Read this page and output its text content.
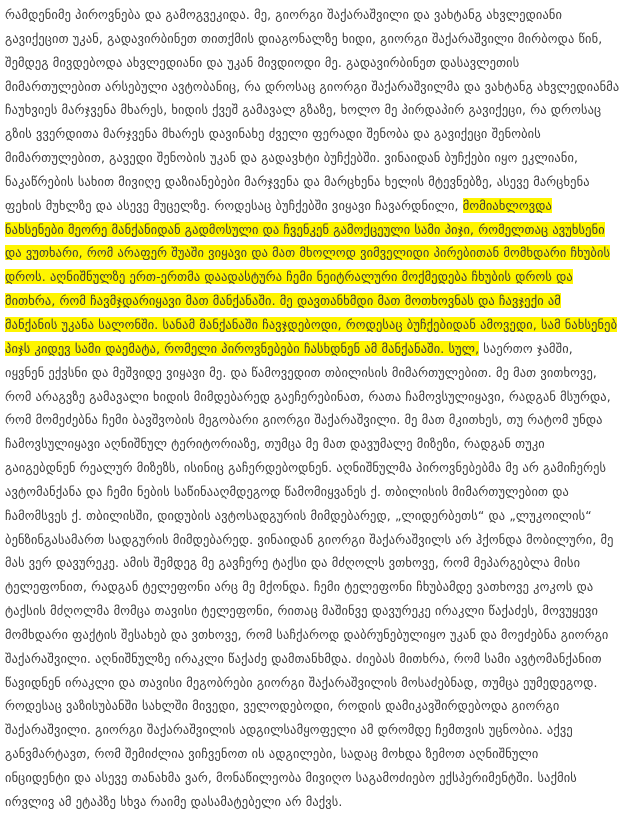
რამდენიმე პიროვნება და გამოგვეკიდა. მე, გიორგი შაქარაშვილი და ვახტანგ ახვლედიანი
გავიქეცით უკან, გადავირბინეთ თითქმის დიაგონალზე ხიდი, გიორგი შაქარაშვილი მირბოდა წინ,
შემდეგ მივდებოდა ახვლედიანი და უკან მივდიოდი მე. გადავირბინეთ დასავლეთის
მიმართულებით არსებული ავტობანიც, რა დროსაც გიორგი შაქარაშვილმა და ვახტანგ ახვლედიანმა
ჩაუხვიეს მარჯვენა მხარეს, ხიდის ქვეშ გამავალ გზაზე, ხოლო მე პირდაპირ გავიქეცი, რა დროსაც
გზის ვვერდითა მარჯვენა მხარეს დავინახე ძველი ფერადი შენობა და გავიქეცი შენობის
მიმართულებით, გავედი შენობის უკან და გადავხტი ბუჩქებში. ვინაიდან ბუჩქები იყო ეკლიანი,
ნაკაწრების სახით მივიღე დაზიანებები მარჯვენა და მარცხენა ხელის მტევნებზე, ასევე მარცხენა
ფეხის მუხლზე და ასევე მუცელზე. როდესაც ბუჩქებში ვიყავი ჩავარდნილი, მომიახლოვდა
ნახსენები მეორე მანქანიდან გადმოსული და ჩვენკენ გამოქცეული სამი პიჯი, რომელთაც ავუხსენი
და ვუთხარი, რომ არაფერ შუაში ვიყავი და მათ მხოლოდ ვიმველიდი პირებითან მომხდარი ჩხუბის
დროს. აღნიშნულზე ერთ-ერთმა დაადასტურა ჩემი ნეიტრალური მოქმედება ჩხუბის დროს და
მითხრა, რომ ჩავმჯდარიყავი მათ მანქანაში. მე დავთანხმდი მათ მოთხოვნას და ჩავჯექი ამ
მანქანის უკანა სალონში. სანამ მანქანაში ჩავჯდებოდი, როდესაც ბუჩქებიდან ამოვედი, სამ ნახსენებ
პიჯს კიდევ სამი დაემატა, რომელი პიროვნებები ჩასხდნენ ამ მანქანაში. სულ, საერთო ჯამში,
იყვნენ ექვსნი და მეშვიდე ვიყავი მე. და წამოვედით თბილისის მიმართულებით. მე მათ ვითხოვე,
რომ არაგვზე გამავალი ხიდის მიმდებარედ გაეჩერებინათ, რათა ჩამოვსულიყავი, რადგან მსურდა,
რომ მომეძებნა ჩემი ბავშვობის მეგობარი გიორგი შაქარაშვილი. მე მათ მკითხეს, თუ რატომ უნდა
ჩამოვსულიყავი აღნიშნულ ტერიტორიაზე, თუმცა მე მათ დავუმალე მიზეზი, რადგან თუკი
გაიგებდნენ რეალურ მიზეზს, ისინიც გაჩერდებოდნენ. აღნიშნულმა პიროვნებებმა მე არ გამიჩერეს
ავტომანქანა და ჩემი ნების საწინააღმდეგოდ წამომიყვანეს ქ. თბილისის მიმართულებით და
ჩამომსვეს ქ. თბილისში, დიდუბის ავტოსადგურის მიმდებარედ, „ლიდერბეთს“ და „ლუკოილის“
ბენზინგასამართ სადგურის მიმდებარედ. ვინაიდან გიორგი შაქარაშვილს არ ჰქონდა მობილური, მე
მას ვერ დავურეკე. ამის შემდეგ მე გავჩერე ტაქსი და მძღოლს ვთხოვე, რომ მეპარგებლა მისი
ტელეფონით, რადგან ტელეფონი არც მე მქონდა. ჩემი ტელეფონი ჩხუბამდე ვათხოვე კოკოს და
ტაქსის მძღოლმა მომცა თავისი ტელეფონი, რითაც მაშინვე დავურეკე ირაკლი წაქაძეს, მოვუყევი
მომხდარი ფაქტის შესახებ და ვთხოვე, რომ საჩქაროდ დაბრუნებულიყო უკან და მოეძებნა გიორგი
შაქარაშვილი. აღნიშნულზე ირაკლი წაქაძე დამთანხმდა. ძიებას მითხრა, რომ სამი ავტომანქანით
წავიდნენ ირაკლი და თავისი მეგობრები გიორგი შაქარაშვილის მოსაძებნად, თუმცა ეუმედეგოდ.
როდესაც ვაზისუბანში სახლში მივედი, ველოდებოდი, როდის დამიკავშირდებოდა გიორგი
შაქარაშვილი. გიორგი შაქარაშვილის ადგილსამყოფელი ამ დრომდე ჩემთვის უცნობია. აქვე
განვმარტავთ, რომ შემიძლია ვიჩვენოთ ის ადგილები, სადაც მოხდა ზემოთ აღნიშნული
ინციდენტი და ასევე თანახმა ვარ, მონაწილეობა მივიღო საგამოძიებო ექსპერიმენტში. საქმის
ირვლივ ამ ეტაპზე სხვა რაიმე დასამატებელი არ მაქვს.
